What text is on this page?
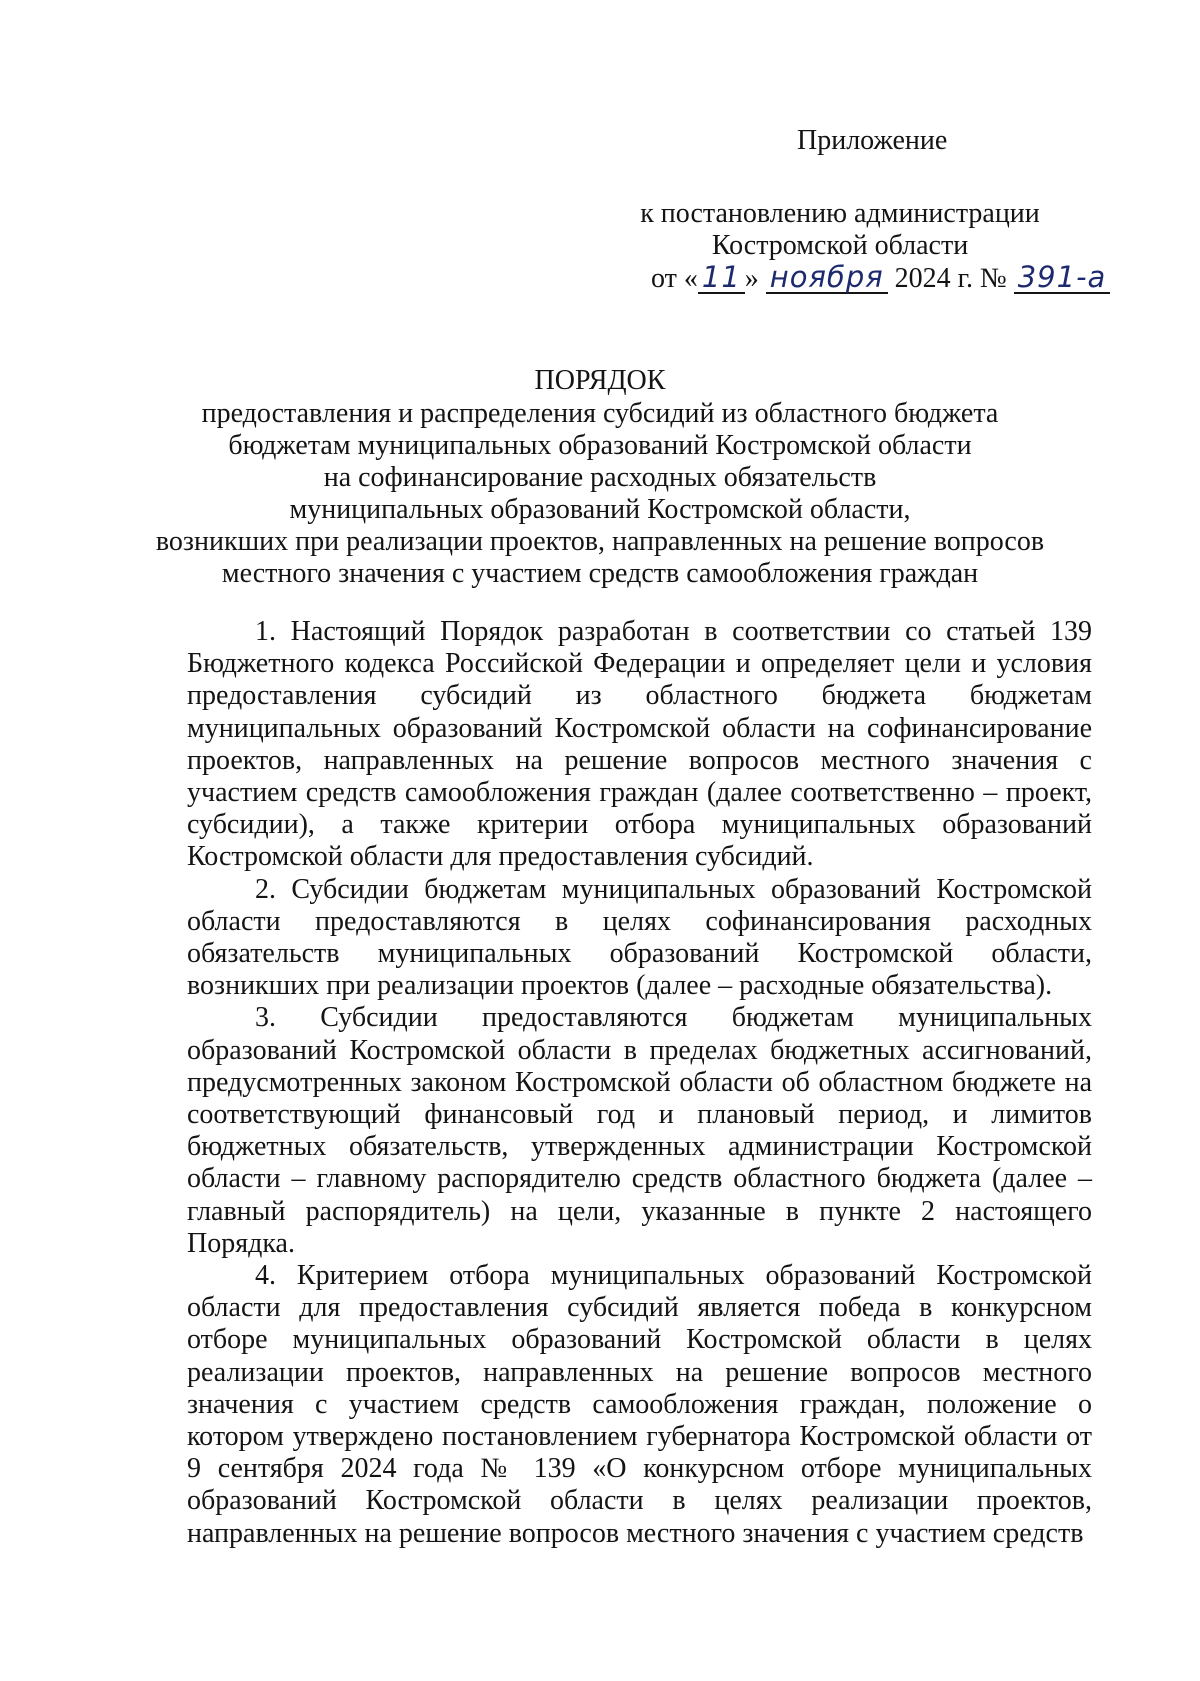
Приложение
к постановлению администрации
Костромской области
от « 11 » ноября 2024 г. № 391-а
ПОРЯДОК
предоставления и распределения субсидий из областного бюджета
бюджетам муниципальных образований Костромской области
на софинансирование расходных обязательств
муниципальных образований Костромской области,
возникших при реализации проектов, направленных на решение вопросов
местного значения с участием средств самообложения граждан

1. Настоящий Порядок разработан в соответствии со статьей 139 Бюджетного кодекса Российской Федерации и определяет цели и условия предоставления субсидий из областного бюджета бюджетам муниципальных образований Костромской области на софинансирование проектов, направленных на решение вопросов местного значения с участием средств самообложения граждан (далее соответственно – проект, субсидии), а также критерии отбора муниципальных образований Костромской области для предоставления субсидий.

2. Субсидии бюджетам муниципальных образований Костромской области предоставляются в целях софинансирования расходных обязательств муниципальных образований Костромской области, возникших при реализации проектов (далее – расходные обязательства).

3. Субсидии предоставляются бюджетам муниципальных образований Костромской области в пределах бюджетных ассигнований, предусмотренных законом Костромской области об областном бюджете на соответствующий финансовый год и плановый период, и лимитов бюджетных обязательств, утвержденных администрации Костромской области – главному распорядителю средств областного бюджета (далее – главный распорядитель) на цели, указанные в пункте 2 настоящего Порядка.

4. Критерием отбора муниципальных образований Костромской области для предоставления субсидий является победа в конкурсном отборе муниципальных образований Костромской области в целях реализации проектов, направленных на решение вопросов местного значения с участием средств самообложения граждан, положение о котором утверждено постановлением губернатора Костромской области от 9 сентября 2024 года № 139 «О конкурсном отборе муниципальных образований Костромской области в целях реализации проектов, направленных на решение вопросов местного значения с участием средств
